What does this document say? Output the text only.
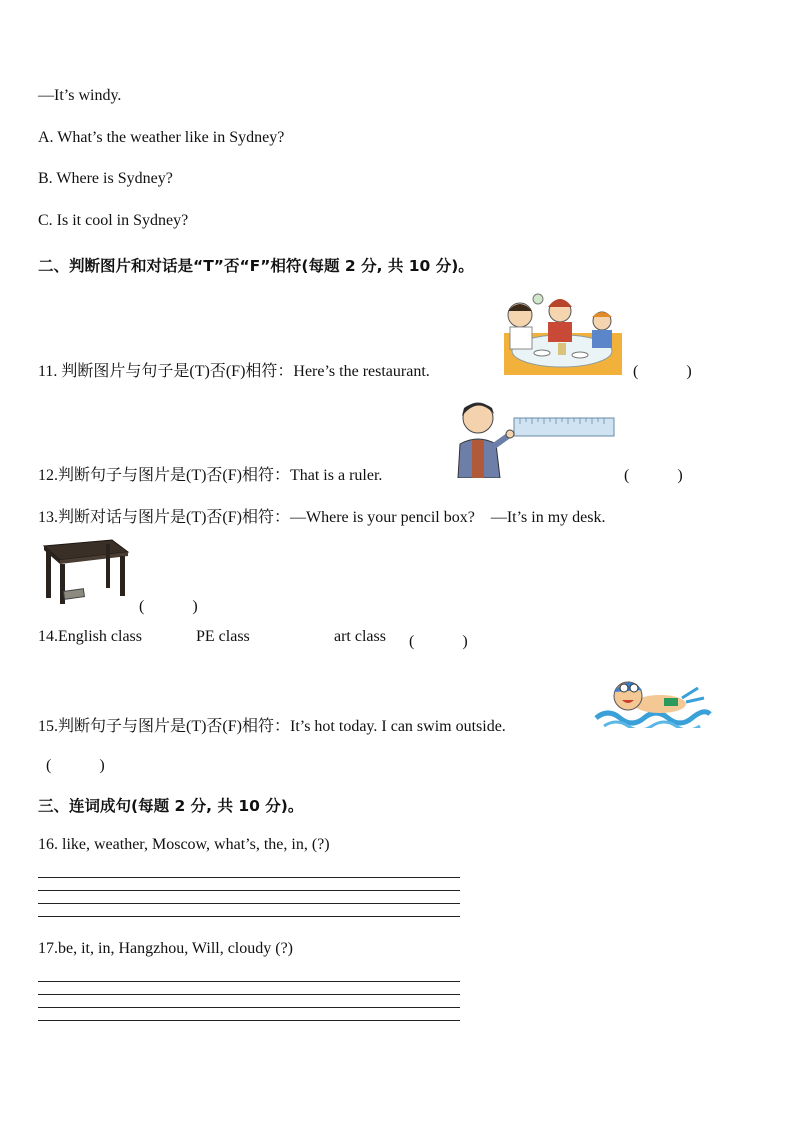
—It’s windy.
A. What’s the weather like in Sydney?
B. Where is Sydney?
C. Is it cool in Sydney?
二、判断图片和对话是“T”否“F”相符(每题 2 分, 共 10 分)。
11. 判断图片与句子是(T)否(F)相符：Here’s the restaurant.	(　　　)
12.判断句子与图片是(T)否(F)相符：That is a ruler.	(　　　)
13.判断对话与图片是(T)否(F)相符：—Where is your pencil box?　—It’s in my desk.
(　　　)
14.English class	PE class	art class (　　　)
15.判断句子与图片是(T)否(F)相符：It’s hot today. I can swim outside.
(　　　)
三、连词成句(每题 2 分, 共 10 分)。
16. like, weather, Moscow, what’s, the, in, (?)
17.be, it, in, Hangzhou, Will, cloudy (?)
